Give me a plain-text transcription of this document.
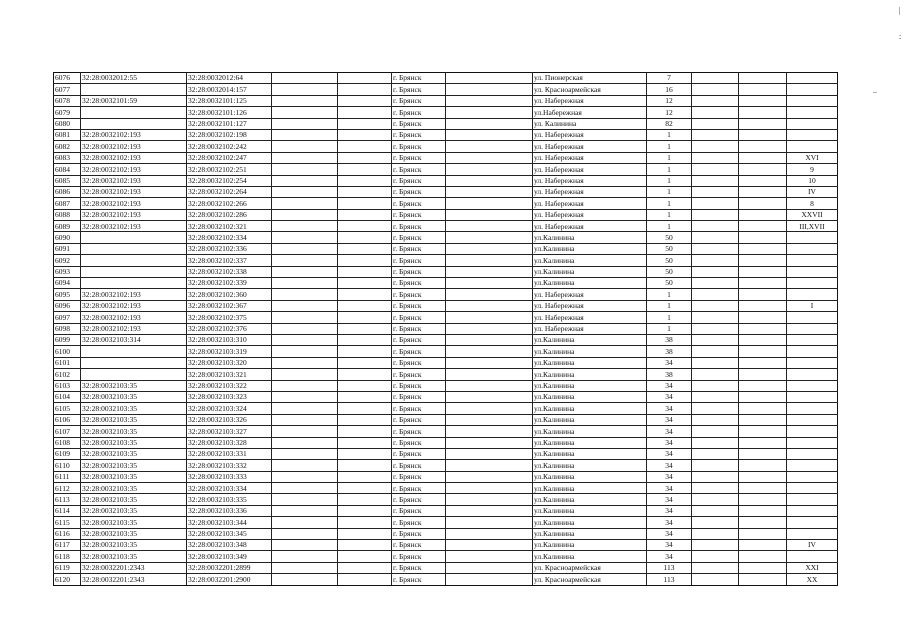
6076	32:28:0032012:55	32:28:0032012:64			г. Брянск		ул. Пионерская	7			
6077		32:28:0032014:157			г. Брянск		ул. Красноармейская	16			
6078	32:28:0032101:59	32:28:0032101:125			г. Брянск		ул. Набережная	12			
6079		32:28:0032101:126			г. Брянск		ул.Набережная	12			
6080		32:28:0032101:127			г. Брянск		ул. Калинина	82			
6081	32:28:0032102:193	32:28:0032102:198			г. Брянск		ул. Набережная	1			
6082	32:28:0032102:193	32:28:0032102:242			г. Брянск		ул. Набережная	1			
6083	32:28:0032102:193	32:28:0032102:247			г. Брянск		ул. Набережная	1			XVI
6084	32:28:0032102:193	32:28:0032102:251			г. Брянск		ул. Набережная	1			9
6085	32:28:0032102:193	32:28:0032102:254			г. Брянск		ул. Набережная	1			10
6086	32:28:0032102:193	32:28:0032102:264			г. Брянск		ул. Набережная	1			IV
6087	32:28:0032102:193	32:28:0032102:266			г. Брянск		ул. Набережная	1			8
6088	32:28:0032102:193	32:28:0032102:286			г. Брянск		ул. Набережная	1			XXVII
6089	32:28:0032102:193	32:28:0032102:321			г. Брянск		ул. Набережная	1			III,XVII
6090		32:28:0032102:334			г. Брянск		ул.Калинина	50			
6091		32:28:0032102:336			г. Брянск		ул.Калинина	50			
6092		32:28:0032102:337			г. Брянск		ул.Калинина	50			
6093		32:28:0032102:338			г. Брянск		ул.Калинина	50			
6094		32:28:0032102:339			г. Брянск		ул.Калинина	50			
6095	32:28:0032102:193	32:28:0032102:360			г. Брянск		ул. Набережная	1			
6096	32:28:0032102:193	32:28:0032102:367			г. Брянск		ул. Набережная	1			I
6097	32:28:0032102:193	32:28:0032102:375			г. Брянск		ул. Набережная	1			
6098	32:28:0032102:193	32:28:0032102:376			г. Брянск		ул. Набережная	1			
6099	32:28:0032103:314	32:28:0032103:310			г. Брянск		ул.Калинина	38			
6100		32:28:0032103:319			г. Брянск		ул.Калинина	38			
6101		32:28:0032103:320			г. Брянск		ул.Калинина	34			
6102		32:28:0032103:321			г. Брянск		ул.Калинина	38			
6103	32:28:0032103:35	32:28:0032103:322			г. Брянск		ул.Калинина	34			
6104	32:28:0032103:35	32:28:0032103:323			г. Брянск		ул.Калинина	34			
6105	32:28:0032103:35	32:28:0032103:324			г. Брянск		ул.Калинина	34			
6106	32:28:0032103:35	32:28:0032103:326			г. Брянск		ул.Калинина	34			
6107	32:28:0032103:35	32:28:0032103:327			г. Брянск		ул.Калинина	34			
6108	32:28:0032103:35	32:28:0032103:328			г. Брянск		ул.Калинина	34			
6109	32:28:0032103:35	32:28:0032103:331			г. Брянск		ул.Калинина	34			
6110	32:28:0032103:35	32:28:0032103:332			г. Брянск		ул.Калинина	34			
6111	32:28:0032103:35	32:28:0032103:333			г. Брянск		ул.Калинина	34			
6112	32:28:0032103:35	32:28:0032103:334			г. Брянск		ул.Калинина	34			
6113	32:28:0032103:35	32:28:0032103:335			г. Брянск		ул.Калинина	34			
6114	32:28:0032103:35	32:28:0032103:336			г. Брянск		ул.Калинина	34			
6115	32:28:0032103:35	32:28:0032103:344			г. Брянск		ул.Калинина	34			
6116	32:28:0032103:35	32:28:0032103:345			г. Брянск		ул.Калинина	34			
6117	32:28:0032103:35	32:28:0032103:348			г. Брянск		ул.Калинина	34			IV
6118	32:28:0032103:35	32:28:0032103:349			г. Брянск		ул.Калинина	34			
6119	32:28:0032201:2343	32:28:0032201:2899			г. Брянск		ул. Красноармейская	113			XXI
6120	32:28:0032201:2343	32:28:0032201:2900			г. Брянск		ул. Красноармейская	113			XX
..
|
:
